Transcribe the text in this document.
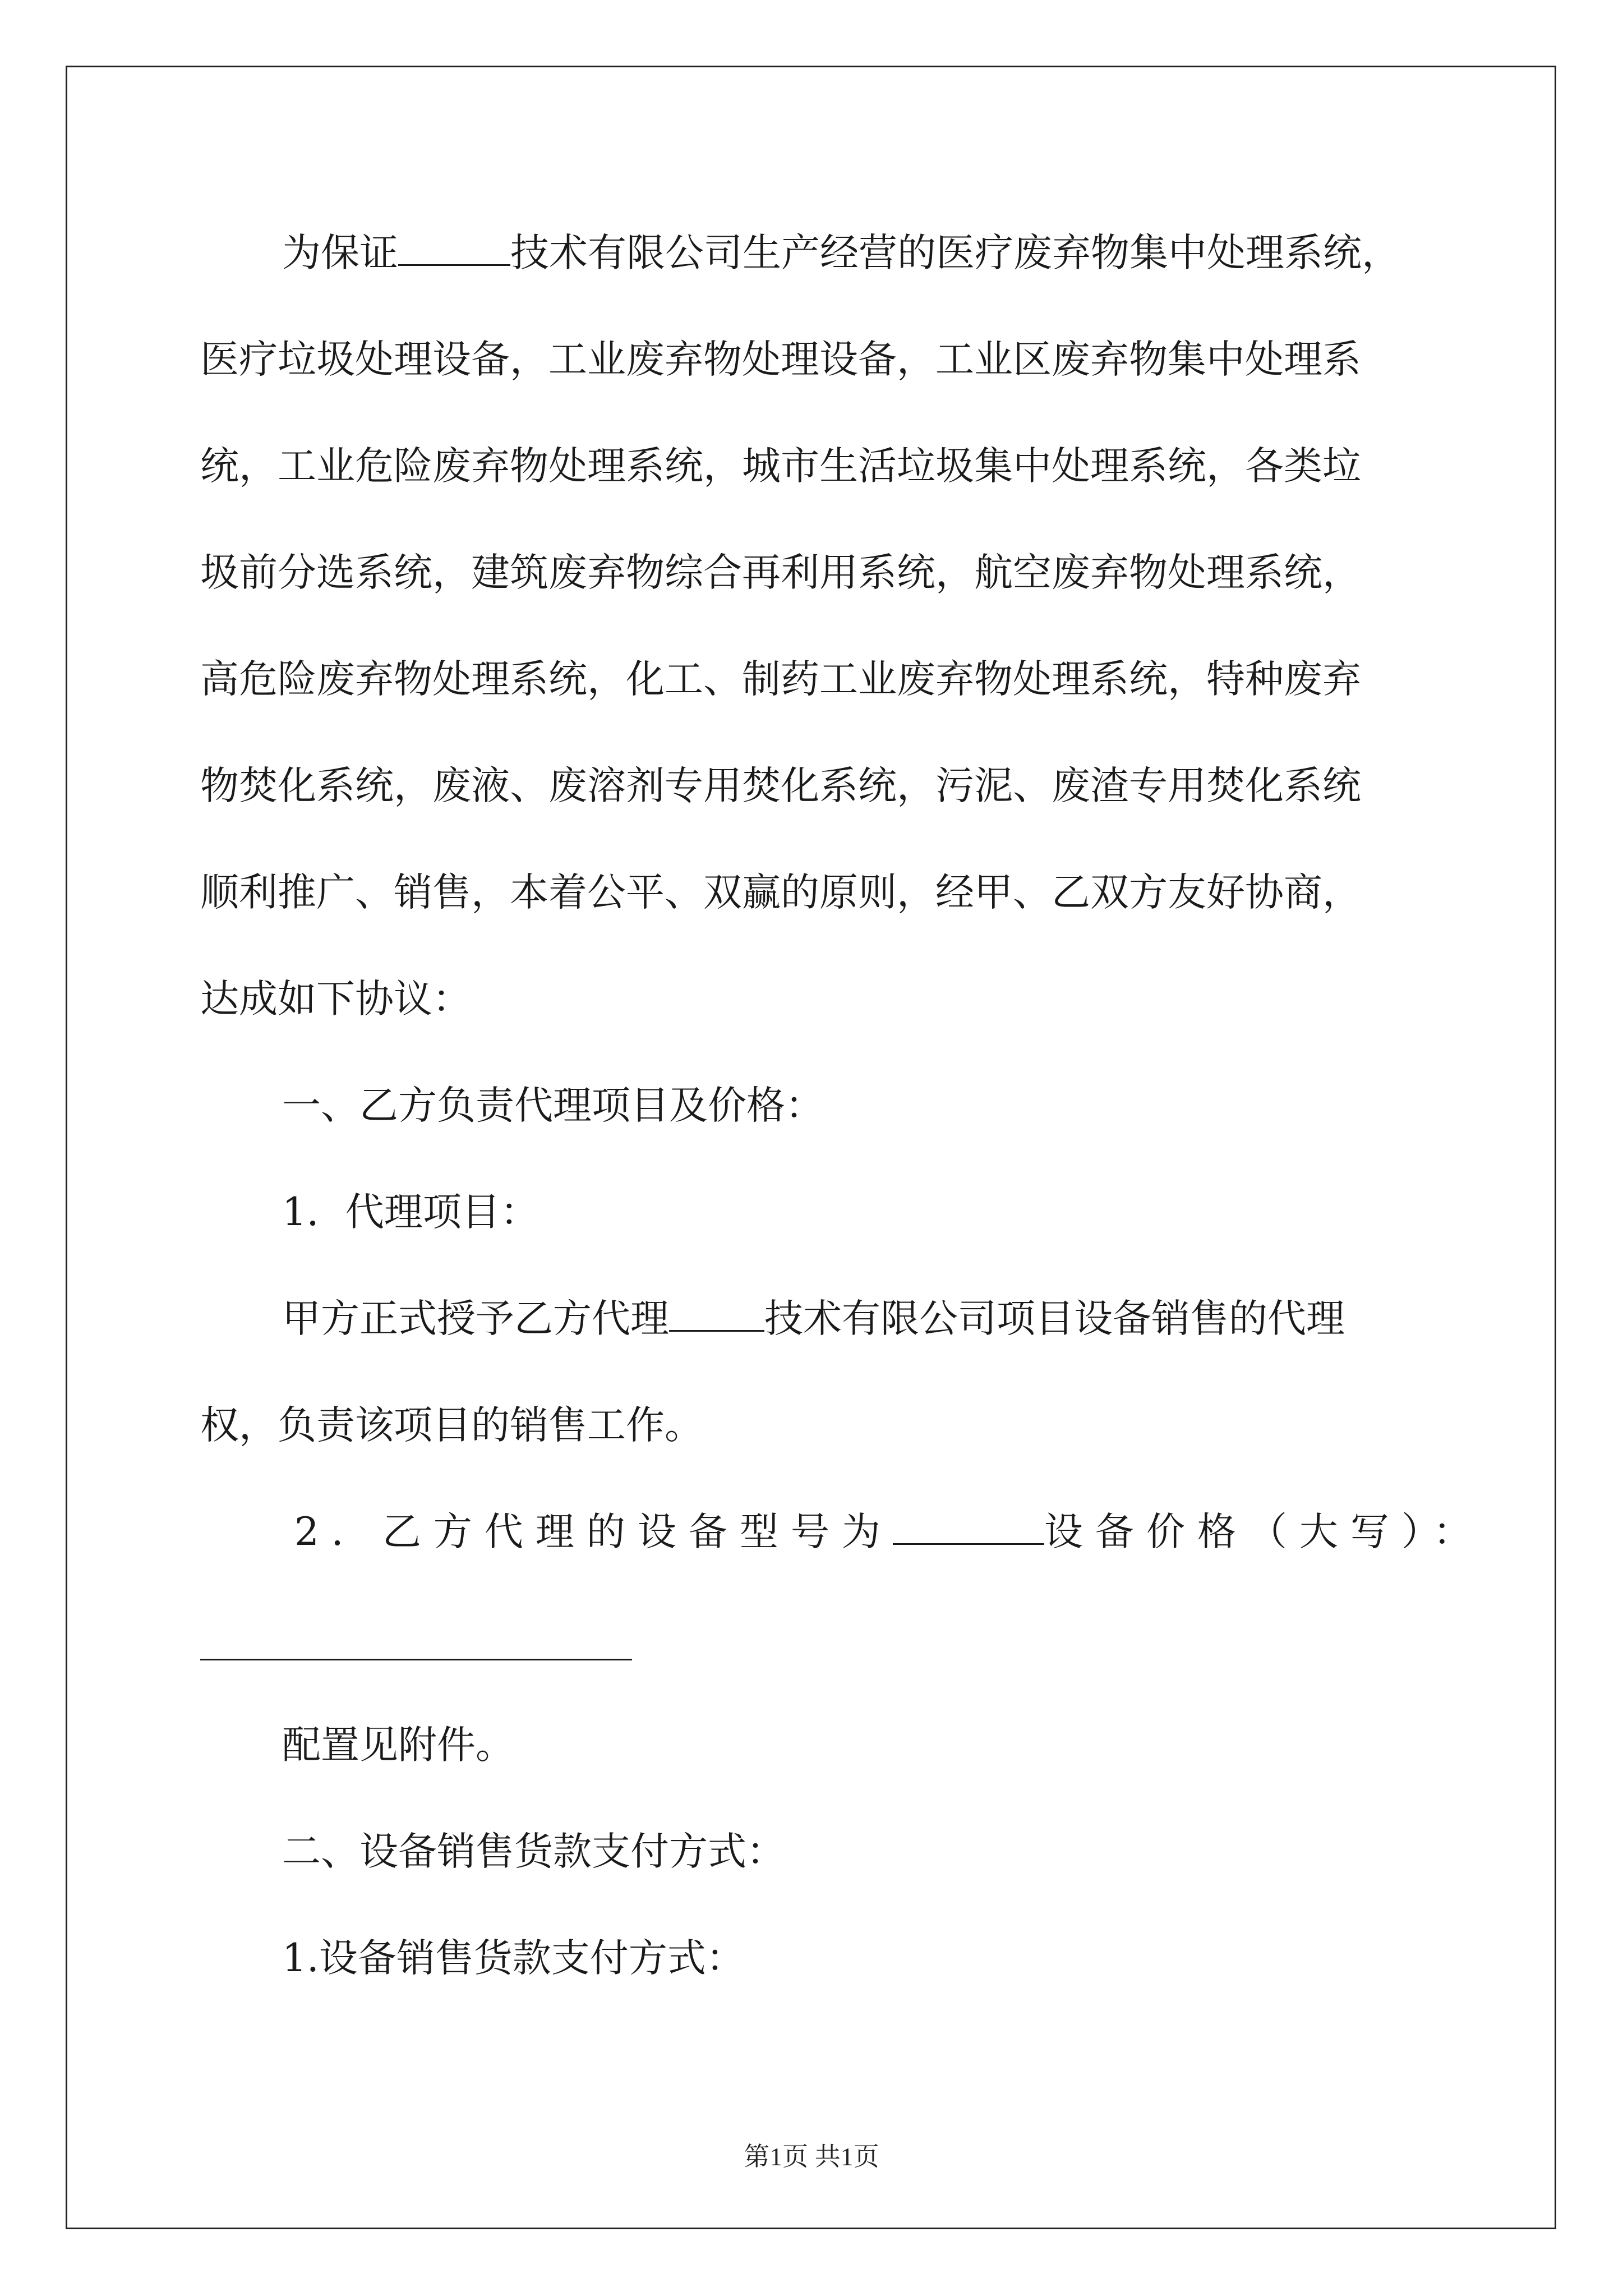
为保证	技术有限公司生产经营的医疗废弃物集中处理系统，

医疗垃圾处理设备，工业废弃物处理设备，工业区废弃物集中处理系

统，工业危险废弃物处理系统，城市生活垃圾集中处理系统，各类垃

圾前分选系统，建筑废弃物综合再利用系统，航空废弃物处理系统，

高危险废弃物处理系统，化工、制药工业废弃物处理系统，特种废弃

物焚化系统，废液、废溶剂专用焚化系统，污泥、废渣专用焚化系统

顺利推广、销售，本着公平、双赢的原则，经甲、乙双方友好协商，

达成如下协议：

一、乙方负责代理项目及价格：

1．代理项目：

甲方正式授予乙方代理 技术有限公司项目设备销售的代理

权，负责该项目的销售工作。

2．乙方代理的设备型号为	设备价格（大写）：

配置见附件。

二、设备销售货款支付方式：

1.设备销售货款支付方式：

第1页 共1页
